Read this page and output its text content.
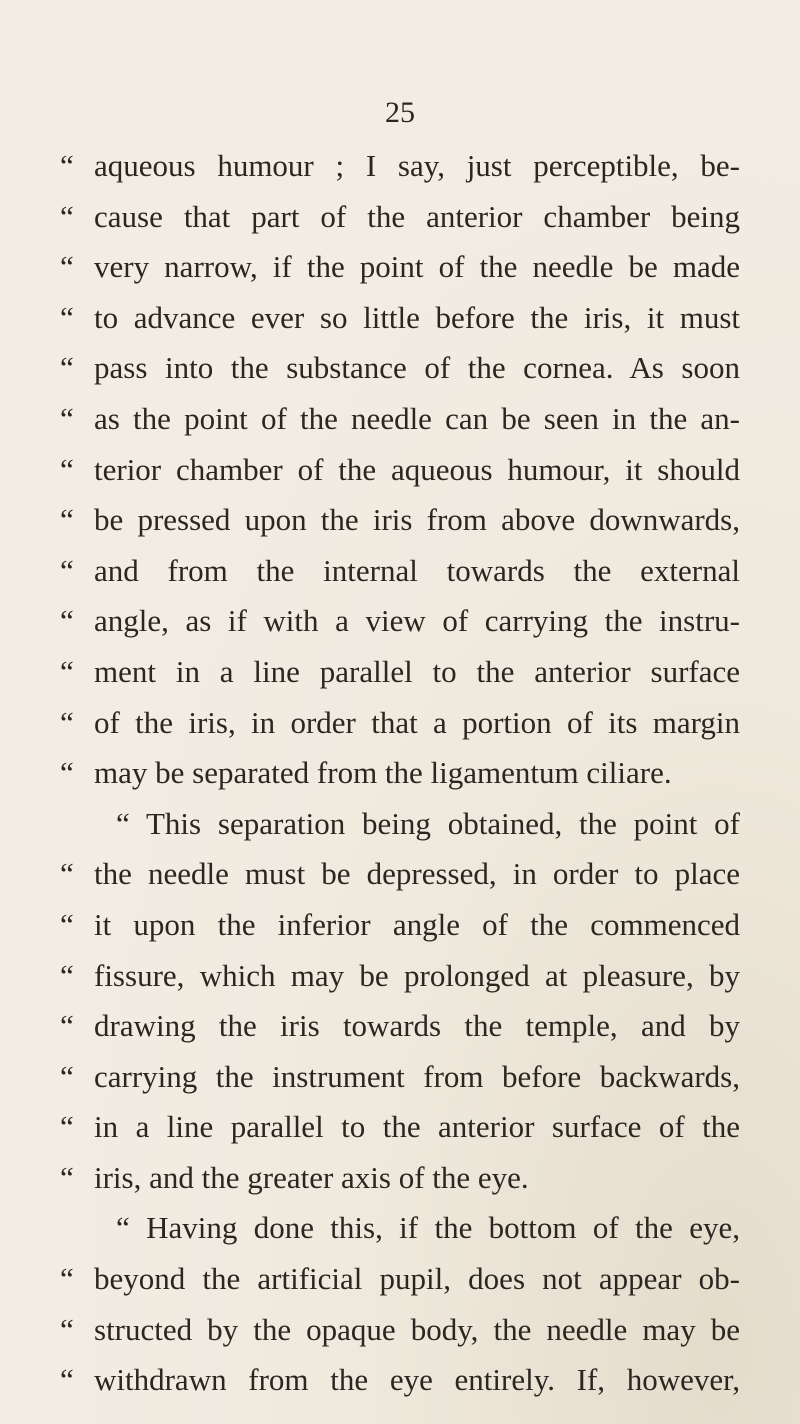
25
“ aqueous humour ; I say, just perceptible, be-
“ cause that part of the anterior chamber being
“ very narrow, if the point of the needle be made
“ to advance ever so little before the iris, it must
“ pass into the substance of the cornea. As soon
“ as the point of the needle can be seen in the an-
“ terior chamber of the aqueous humour, it should
“ be pressed upon the iris from above downwards,
“ and from the internal towards the external
“ angle, as if with a view of carrying the instru-
“ ment in a line parallel to the anterior surface
“ of the iris, in order that a portion of its margin
“ may be separated from the ligamentum ciliare.
“ This separation being obtained, the point of
“ the needle must be depressed, in order to place
“ it upon the inferior angle of the commenced
“ fissure, which may be prolonged at pleasure, by
“ drawing the iris towards the temple, and by
“ carrying the instrument from before backwards,
“ in a line parallel to the anterior surface of the
“ iris, and the greater axis of the eye.
“ Having done this, if the bottom of the eye,
“ beyond the artificial pupil, does not appear ob-
“ structed by the opaque body, the needle may be
“ withdrawn from the eye entirely. If, however,
